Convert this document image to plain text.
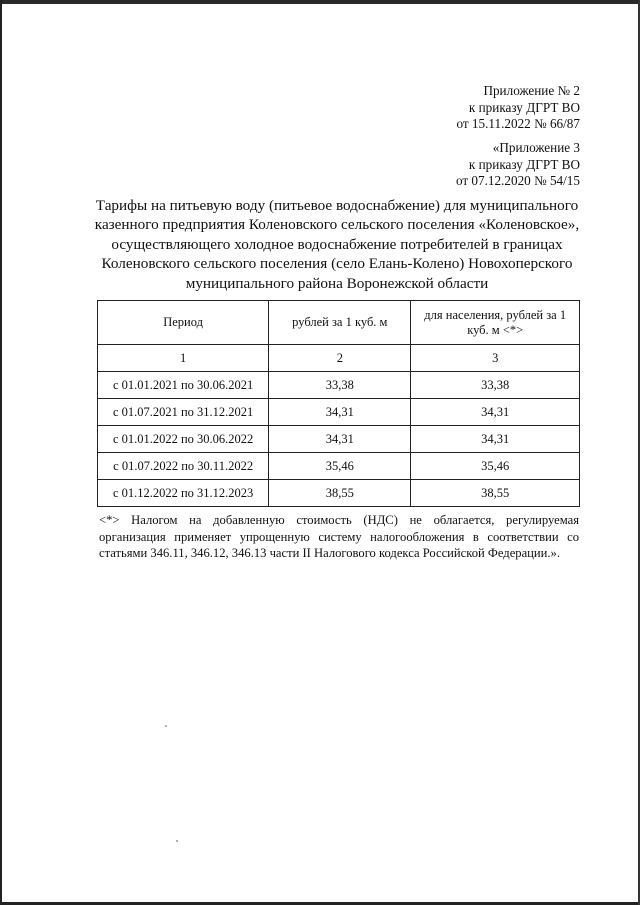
Приложение № 2
к приказу ДГРТ ВО
от 15.11.2022 № 66/87
«Приложение 3
к приказу ДГРТ ВО
от 07.12.2020 № 54/15
Тарифы на питьевую воду (питьевое водоснабжение) для муниципального
казенного предприятия Коленовского сельского поселения «Коленовское»,
осуществляющего холодное водоснабжение потребителей в границах
Коленовского сельского поселения (село Елань-Колено) Новохоперского
муниципального района Воронежской области
Период	рублей за 1 куб. м	для населения, рублей за 1 куб. м <*>
1	2	3
с 01.01.2021 по 30.06.2021	33,38	33,38
с 01.07.2021 по 31.12.2021	34,31	34,31
с 01.01.2022 по 30.06.2022	34,31	34,31
с 01.07.2022 по 30.11.2022	35,46	35,46
с 01.12.2022 по 31.12.2023	38,55	38,55
<*> Налогом на добавленную стоимость (НДС) не облагается, регулируемая организация применяет упрощенную систему налогообложения в соответствии со статьями 346.11, 346.12, 346.13 части II Налогового кодекса Российской Федерации.».
